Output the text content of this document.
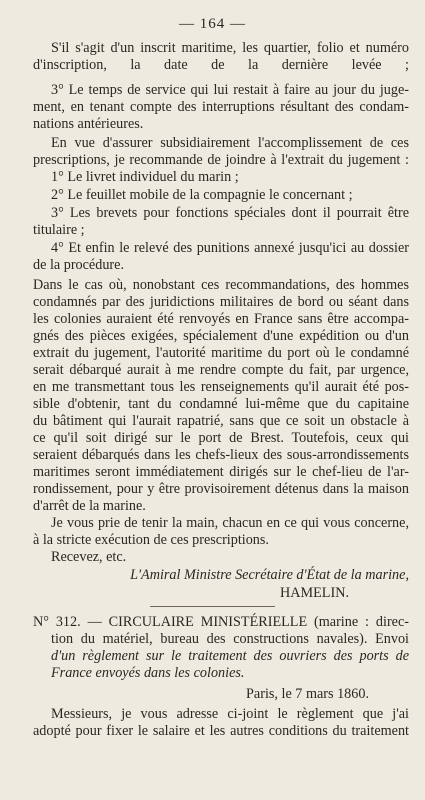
— 164 —
S'il s'agit d'un inscrit maritime, les quartier, folio et numéro
d'inscription, la date de la dernière levée ;
3° Le temps de service qui lui restait à faire au jour du juge-
ment, en tenant compte des interruptions résultant des condam-
nations antérieures.
En vue d'assurer subsidiairement l'accomplissement de ces
prescriptions, je recommande de joindre à l'extrait du jugement :
1° Le livret individuel du marin ;
2° Le feuillet mobile de la compagnie le concernant ;
3° Les brevets pour fonctions spéciales dont il pourrait être
titulaire ;
4° Et enfin le relevé des punitions annexé jusqu'ici au dossier
de la procédure.
Dans le cas où, nonobstant ces recommandations, des hommes
condamnés par des juridictions militaires de bord ou séant dans
les colonies auraient été renvoyés en France sans être accompa-
gnés des pièces exigées, spécialement d'une expédition ou d'un
extrait du jugement, l'autorité maritime du port où le condamné
serait débarqué aurait à me rendre compte du fait, par urgence,
en me transmettant tous les renseignements qu'il aurait été pos-
sible d'obtenir, tant du condamné lui-même que du capitaine
du bâtiment qui l'aurait rapatrié, sans que ce soit un obstacle à
ce qu'il soit dirigé sur le port de Brest. Toutefois, ceux qui
seraient débarqués dans les chefs-lieux des sous-arrondissements
maritimes seront immédiatement dirigés sur le chef-lieu de l'ar-
rondissement, pour y être provisoirement détenus dans la maison
d'arrêt de la marine.
Je vous prie de tenir la main, chacun en ce qui vous concerne,
à la stricte exécution de ces prescriptions.
Recevez, etc.
L'Amiral Ministre Secrétaire d'État de la marine,
HAMELIN.
N° 312. — CIRCULAIRE MINISTÉRIELLE (marine : direc-
tion du matériel, bureau des constructions navales). Envoi
d'un règlement sur le traitement des ouvriers des ports de
France envoyés dans les colonies.
Paris, le 7 mars 1860.
Messieurs, je vous adresse ci-joint le règlement que j'ai
adopté pour fixer le salaire et les autres conditions du traitement
